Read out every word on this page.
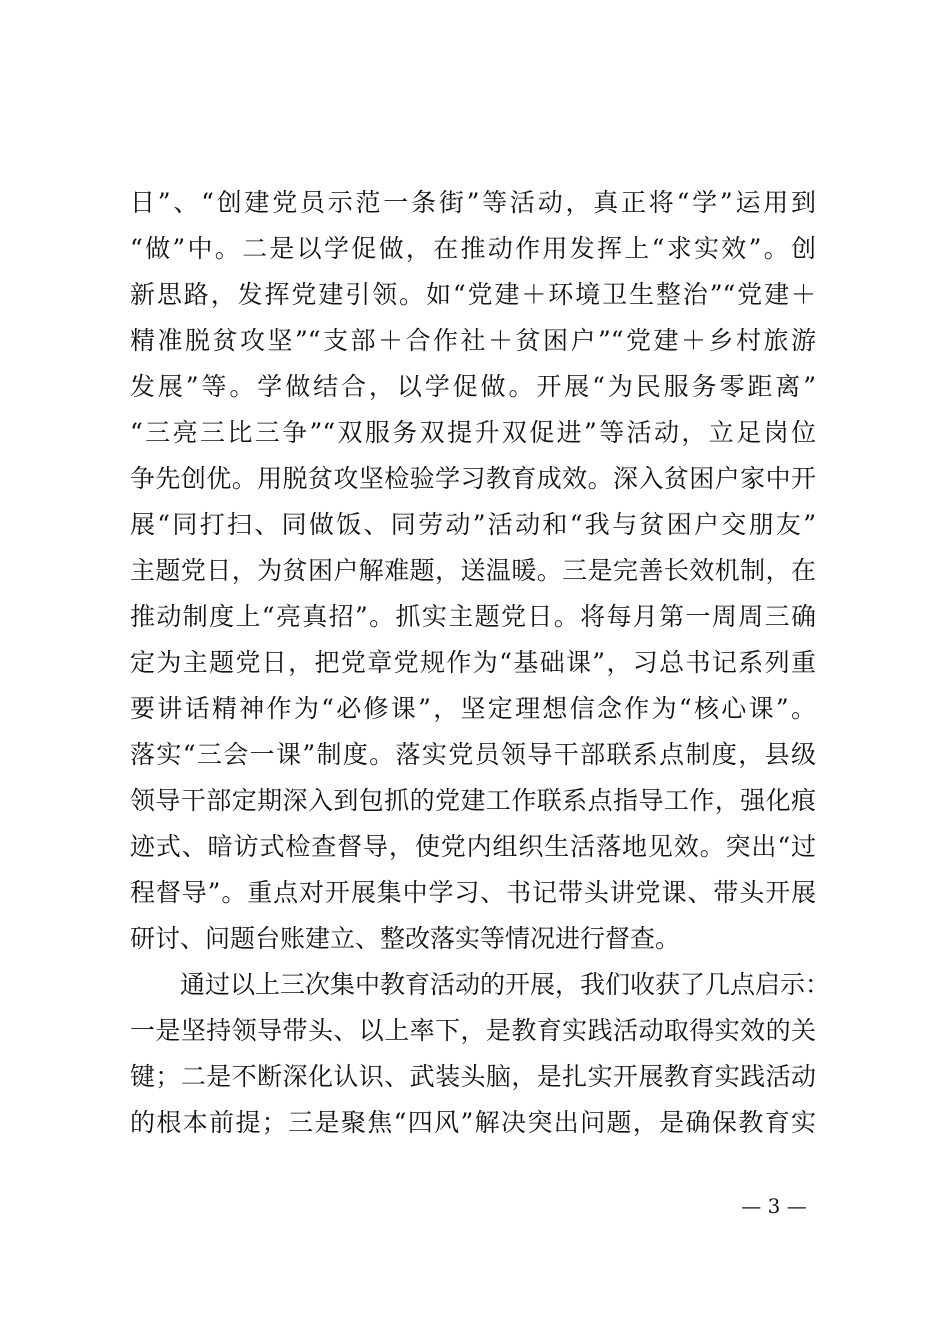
日”、“创建党员示范一条街”等活动，真正将“学”运用到
“做”中。二是以学促做，在推动作用发挥上“求实效”。创
新思路，发挥党建引领。如“党建＋环境卫生整治”“党建＋
精准脱贫攻坚”“支部＋合作社＋贫困户”“党建＋乡村旅游
发展”等。学做结合，以学促做。开展“为民服务零距离”
“三亮三比三争”“双服务双提升双促进”等活动，立足岗位
争先创优。用脱贫攻坚检验学习教育成效。深入贫困户家中开
展“同打扫、同做饭、同劳动”活动和“我与贫困户交朋友”
主题党日，为贫困户解难题，送温暖。三是完善长效机制，在
推动制度上“亮真招”。抓实主题党日。将每月第一周周三确
定为主题党日，把党章党规作为“基础课”，习总书记系列重
要讲话精神作为“必修课”，坚定理想信念作为“核心课”。
落实“三会一课”制度。落实党员领导干部联系点制度，县级
领导干部定期深入到包抓的党建工作联系点指导工作，强化痕
迹式、暗访式检查督导，使党内组织生活落地见效。突出“过
程督导”。重点对开展集中学习、书记带头讲党课、带头开展
研讨、问题台账建立、整改落实等情况进行督查。
通过以上三次集中教育活动的开展，我们收获了几点启示：
一是坚持领导带头、以上率下，是教育实践活动取得实效的关
键；二是不断深化认识、武装头脑，是扎实开展教育实践活动
的根本前提；三是聚焦“四风”解决突出问题，是确保教育实
— 3 —
